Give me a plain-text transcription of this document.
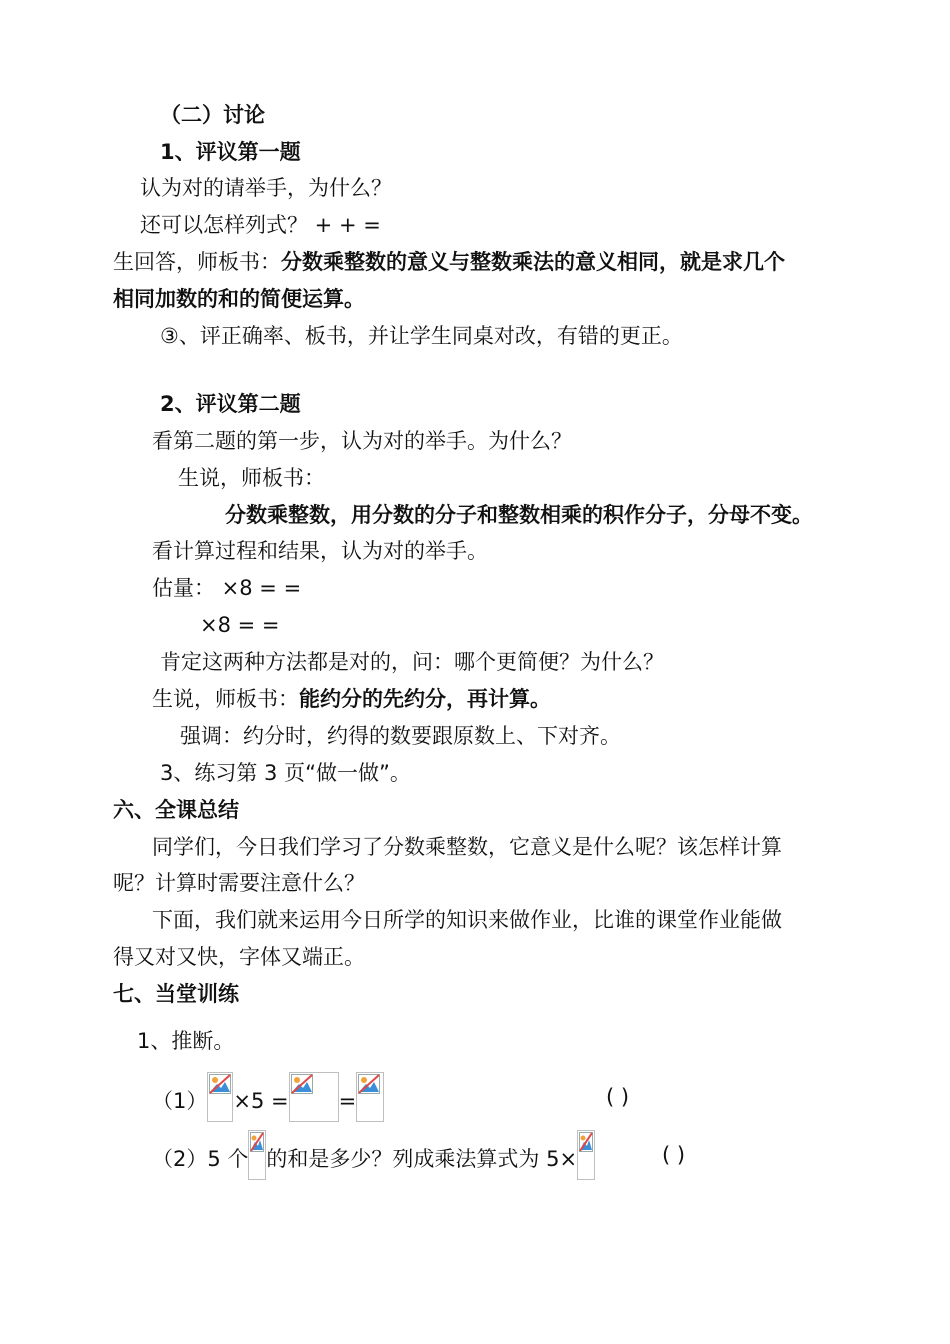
（二）讨论
1、评议第一题
认为对的请举手，为什么？
还可以怎样列式？ + + =
生回答，师板书：分数乘整数的意义与整数乘法的意义相同，就是求几个
相同加数的和的简便运算。
③、评正确率、板书，并让学生同桌对改，有错的更正。
2、评议第二题
看第二题的第一步，认为对的举手。为什么？
生说，师板书：
分数乘整数，用分数的分子和整数相乘的积作分子，分母不变。
看计算过程和结果，认为对的举手。
估量： ×8 = =
×8 = =
肯定这两种方法都是对的，问：哪个更简便？为什么？
生说，师板书：能约分的先约分，再计算。
强调：约分时，约得的数要跟原数上、下对齐。
3、练习第 3 页“做一做”。
六、全课总结
同学们，今日我们学习了分数乘整数，它意义是什么呢？该怎样计算
呢？计算时需要注意什么？
下面，我们就来运用今日所学的知识来做作业，比谁的课堂作业能做
得又对又快，字体又端正。
七、当堂训练
1、推断。
（1） ×5 = =	( )
（2）5 个 的和是多少？列成乘法算式为 5×	( )
